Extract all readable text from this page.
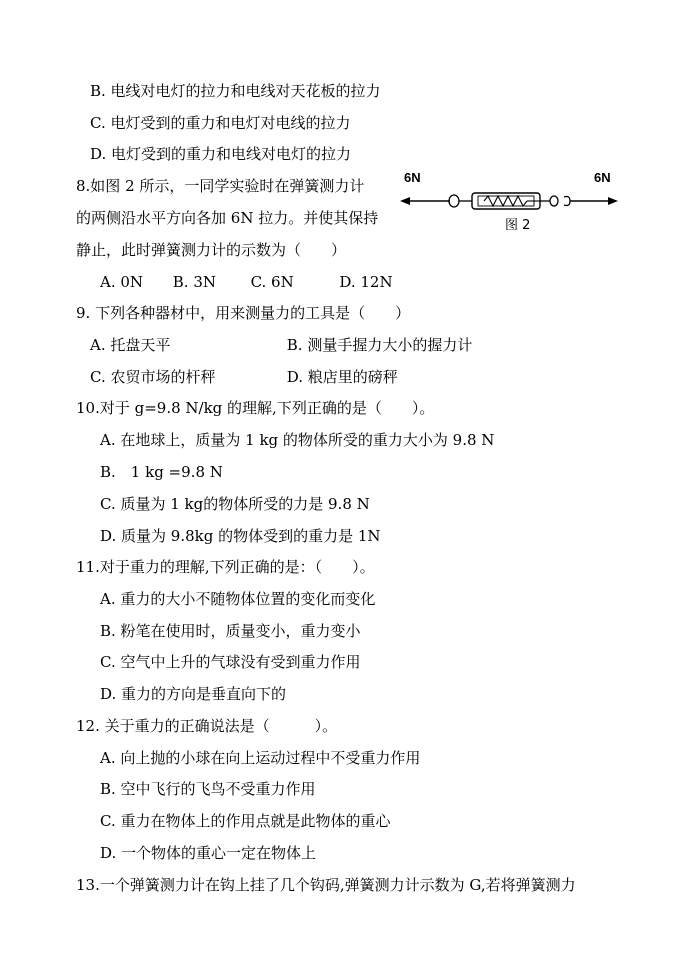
B. 电线对电灯的拉力和电线对天花板的拉力
C. 电灯受到的重力和电灯对电线的拉力
D. 电灯受到的重力和电线对电灯的拉力
8.如图 2 所示，一同学实验时在弹簧测力计
的两侧沿水平方向各加 6N 拉力。并使其保持
静止，此时弹簧测力计的示数为（　　）
6N	6N
图 2
A. 0N B. 3N C. 6N	D. 12N
9. 下列各种器材中，用来测量力的工具是（　　）
A. 托盘天平	B. 测量手握力大小的握力计
C. 农贸市场的杆秤	D. 粮店里的磅秤
10.对于 g=9.8 N/kg 的理解,下列正确的是（　　）。
A. 在地球上，质量为 1 kg 的物体所受的重力大小为 9.8 N
B.　1 kg =9.8 N
C. 质量为 1 kg的物体所受的力是 9.8 N
D. 质量为 9.8kg 的物体受到的重力是 1N
11.对于重力的理解,下列正确的是：（　　）。
A. 重力的大小不随物体位置的变化而变化
B. 粉笔在使用时，质量变小，重力变小
C. 空气中上升的气球没有受到重力作用
D. 重力的方向是垂直向下的
12. 关于重力的正确说法是（　　　）。
A. 向上抛的小球在向上运动过程中不受重力作用
B. 空中飞行的飞鸟不受重力作用
C. 重力在物体上的作用点就是此物体的重心
D. 一个物体的重心一定在物体上
13.一个弹簧测力计在钩上挂了几个钩码,弹簧测力计示数为 G,若将弹簧测力
